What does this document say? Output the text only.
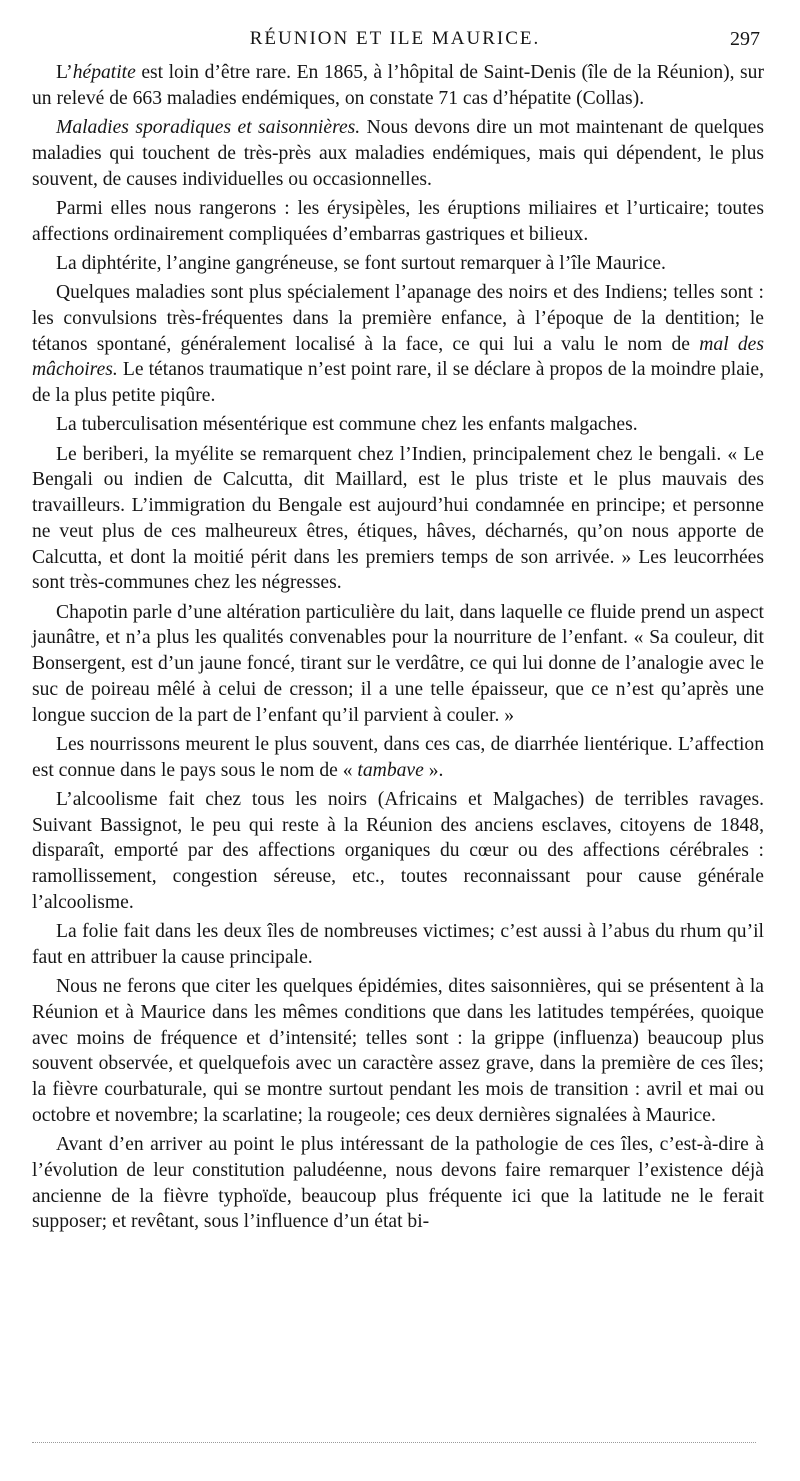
RÉUNION ET ILE MAURICE.	297

L’hépatite est loin d’être rare. En 1865, à l’hôpital de Saint-Denis (île de la Réunion), sur un relevé de 663 maladies endémiques, on constate 71 cas d’hépatite (Collas).

Maladies sporadiques et saisonnières. Nous devons dire un mot maintenant de quelques maladies qui touchent de très-près aux maladies endémiques, mais qui dépendent, le plus souvent, de causes individuelles ou occasionnelles.

Parmi elles nous rangerons : les érysipèles, les éruptions miliaires et l’urticaire; toutes affections ordinairement compliquées d’embarras gastriques et bilieux.

La diphtérite, l’angine gangréneuse, se font surtout remarquer à l’île Maurice.

Quelques maladies sont plus spécialement l’apanage des noirs et des Indiens; telles sont : les convulsions très-fréquentes dans la première enfance, à l’époque de la dentition; le tétanos spontané, généralement localisé à la face, ce qui lui a valu le nom de mal des mâchoires. Le tétanos traumatique n’est point rare, il se déclare à propos de la moindre plaie, de la plus petite piqûre.

La tuberculisation mésentérique est commune chez les enfants malgaches.

Le beriberi, la myélite se remarquent chez l’Indien, principalement chez le bengali. « Le Bengali ou indien de Calcutta, dit Maillard, est le plus triste et le plus mauvais des travailleurs. L’immigration du Bengale est aujourd’hui condamnée en principe; et personne ne veut plus de ces malheureux êtres, étiques, hâves, décharnés, qu’on nous apporte de Calcutta, et dont la moitié périt dans les premiers temps de son arrivée. » Les leucorrhées sont très-communes chez les négresses.

Chapotin parle d’une altération particulière du lait, dans laquelle ce fluide prend un aspect jaunâtre, et n’a plus les qualités convenables pour la nourriture de l’enfant. « Sa couleur, dit Bonsergent, est d’un jaune foncé, tirant sur le verdâtre, ce qui lui donne de l’analogie avec le suc de poireau mêlé à celui de cresson; il a une telle épaisseur, que ce n’est qu’après une longue succion de la part de l’enfant qu’il parvient à couler. »

Les nourrissons meurent le plus souvent, dans ces cas, de diarrhée lientérique. L’affection est connue dans le pays sous le nom de « tambave ».

L’alcoolisme fait chez tous les noirs (Africains et Malgaches) de terribles ravages. Suivant Bassignot, le peu qui reste à la Réunion des anciens esclaves, citoyens de 1848, disparaît, emporté par des affections organiques du cœur ou des affections cérébrales : ramollissement, congestion séreuse, etc., toutes reconnaissant pour cause générale l’alcoolisme.

La folie fait dans les deux îles de nombreuses victimes; c’est aussi à l’abus du rhum qu’il faut en attribuer la cause principale.

Nous ne ferons que citer les quelques épidémies, dites saisonnières, qui se présentent à la Réunion et à Maurice dans les mêmes conditions que dans les latitudes tempérées, quoique avec moins de fréquence et d’intensité; telles sont : la grippe (influenza) beaucoup plus souvent observée, et quelquefois avec un caractère assez grave, dans la première de ces îles; la fièvre courbaturale, qui se montre surtout pendant les mois de transition : avril et mai ou octobre et novembre; la scarlatine; la rougeole; ces deux dernières signalées à Maurice.

Avant d’en arriver au point le plus intéressant de la pathologie de ces îles, c’est-à-dire à l’évolution de leur constitution paludéenne, nous devons faire remarquer l’existence déjà ancienne de la fièvre typhoïde, beaucoup plus fréquente ici que la latitude ne le ferait supposer; et revêtant, sous l’influence d’un état bi-
